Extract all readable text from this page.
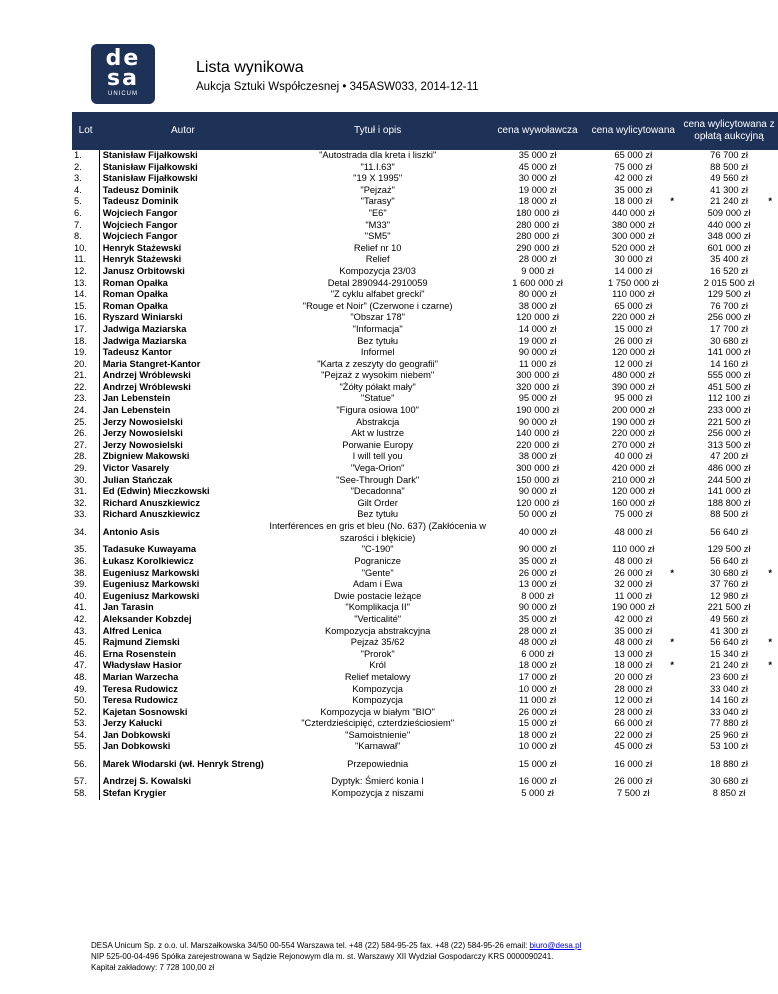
de
sa
UNICUM
Lista wynikowa
Aukcja Sztuki Współczesnej • 345ASW033, 2014-12-11
Lot	Autor	Tytuł i opis	cena wywoławcza	cena wylicytowana	cena wylicytowana z opłatą aukcyjną
1.	Stanisław Fijałkowski	"Autostrada dla kreta i liszki"	35 000 zł	65 000 zł	76 700 zł
2.	Stanisław Fijałkowski	"11.I.63"	45 000 zł	75 000 zł	88 500 zł
3.	Stanisław Fijałkowski	"19 X 1995"	30 000 zł	42 000 zł	49 560 zł
4.	Tadeusz Dominik	"Pejzaż"	19 000 zł	35 000 zł	41 300 zł
5.	Tadeusz Dominik	"Tarasy"	18 000 zł	18 000 zł *	21 240 zł *

6.	Wojciech Fangor	"E6"	180 000 zł	440 000 zł	509 000 zł
7.	Wojciech Fangor	"M33"	280 000 zł	380 000 zł	440 000 zł
8.	Wojciech Fangor	"SM5"	280 000 zł	300 000 zł	348 000 zł
10.	Henryk Stażewski	Relief nr 10	290 000 zł	520 000 zł	601 000 zł
11.	Henryk Stażewski	Relief	28 000 zł	30 000 zł	35 400 zł
12.	Janusz Orbitowski	Kompozycja 23/03	9 000 zł	14 000 zł	16 520 zł
13.	Roman Opałka	Detal 2890944-2910059	1 600 000 zł	1 750 000 zł	2 015 500 zł
14.	Roman Opałka	"Z cyklu alfabet grecki"	80 000 zł	110 000 zł	129 500 zł
15.	Roman Opałka	"Rouge et Noir" (Czerwone i czarne)	38 000 zł	65 000 zł	76 700 zł
16.	Ryszard Winiarski	"Obszar 178"	120 000 zł	220 000 zł	256 000 zł
17.	Jadwiga Maziarska	"Informacja"	14 000 zł	15 000 zł	17 700 zł
18.	Jadwiga Maziarska	Bez tytułu	19 000 zł	26 000 zł	30 680 zł
19.	Tadeusz Kantor	Informel	90 000 zł	120 000 zł	141 000 zł
20.	Maria Stangret-Kantor	"Karta z zeszyty do geografii"	11 000 zł	12 000 zł	14 160 zł
21.	Andrzej Wróblewski	"Pejzaż z wysokim niebem"	300 000 zł	480 000 zł	555 000 zł
22.	Andrzej Wróblewski	"Żółty półakt mały"	320 000 zł	390 000 zł	451 500 zł
23.	Jan Lebenstein	"Statue"	95 000 zł	95 000 zł	112 100 zł
24.	Jan Lebenstein	"Figura osiowa 100"	190 000 zł	200 000 zł	233 000 zł
25.	Jerzy Nowosielski	Abstrakcja	90 000 zł	190 000 zł	221 500 zł
26.	Jerzy Nowosielski	Akt w lustrze	140 000 zł	220 000 zł	256 000 zł
27.	Jerzy Nowosielski	Porwanie Europy	220 000 zł	270 000 zł	313 500 zł
28.	Zbigniew Makowski	I will tell you	38 000 zł	40 000 zł	47 200 zł
29.	Victor Vasarely	"Vega-Orion"	300 000 zł	420 000 zł	486 000 zł
30.	Julian Stańczak	"See-Through Dark"	150 000 zł	210 000 zł	244 500 zł
31.	Ed (Edwin) Mieczkowski	"Decadonna"	90 000 zł	120 000 zł	141 000 zł
32.	Richard Anuszkiewicz	Gilt Order	120 000 zł	160 000 zł	188 800 zł
33.	Richard Anuszkiewicz	Bez tytułu	50 000 zł	75 000 zł	88 500 zł
34.	Antonio Asis	Interférences en gris et bleu (No. 637) (Zakłócenia w szarości i błękicie)	40 000 zł	48 000 zł	56 640 zł
35.	Tadasuke Kuwayama	"C-190"	90 000 zł	110 000 zł	129 500 zł
36.	Łukasz Korolkiewicz	Pogranicze	35 000 zł	48 000 zł	56 640 zł
38.	Eugeniusz Markowski	"Gente"	26 000 zł	26 000 zł *	30 680 zł *

39.	Eugeniusz Markowski	Adam i Ewa	13 000 zł	32 000 zł	37 760 zł
40.	Eugeniusz Markowski	Dwie postacie leżące	8 000 zł	11 000 zł	12 980 zł
41.	Jan Tarasin	"Komplikacja II"	90 000 zł	190 000 zł	221 500 zł
42.	Aleksander Kobzdej	"Verticalité"	35 000 zł	42 000 zł	49 560 zł
43.	Alfred Lenica	Kompozycja abstrakcyjna	28 000 zł	35 000 zł	41 300 zł
45.	Rajmund Ziemski	Pejzaż 35/62	48 000 zł	48 000 zł *	56 640 zł *

46.	Erna Rosenstein	"Prorok"	6 000 zł	13 000 zł	15 340 zł
47.	Władysław Hasior	Król	18 000 zł	18 000 zł *	21 240 zł *

48.	Marian Warzecha	Relief metalowy	17 000 zł	20 000 zł	23 600 zł
49.	Teresa Rudowicz	Kompozycja	10 000 zł	28 000 zł	33 040 zł
50.	Teresa Rudowicz	Kompozycja	11 000 zł	12 000 zł	14 160 zł
52.	Kajetan Sosnowski	Kompozycja w białym "BIO"	26 000 zł	28 000 zł	33 040 zł
53.	Jerzy Kałucki	"Czterdzieścipięć, czterdzieściosiem"	15 000 zł	66 000 zł	77 880 zł
54.	Jan Dobkowski	"Samoistnienie"	18 000 zł	22 000 zł	25 960 zł
55.	Jan Dobkowski	"Karnawał"	10 000 zł	45 000 zł	53 100 zł
56.	Marek Włodarski (wł. Henryk Streng)	Przepowiednia	15 000 zł	16 000 zł	18 880 zł
57.	Andrzej S. Kowalski	Dyptyk: Śmierć konia I	16 000 zł	26 000 zł	30 680 zł
58.	Stefan Krygier	Kompozycja z niszami	5 000 zł	7 500 zł	8 850 zł
DESA Unicum Sp. z o.o. ul. Marszałkowska 34/50 00-554 Warszawa tel. +48 (22) 584-95-25 fax. +48 (22) 584-95-26 email: biuro@desa.pl
NIP 525-00-04-496 Spółka zarejestrowana w Sądzie Rejonowym dla m. st. Warszawy XII Wydział Gospodarczy KRS 0000090241.
Kapitał zakładowy: 7 728 100,00 zł
